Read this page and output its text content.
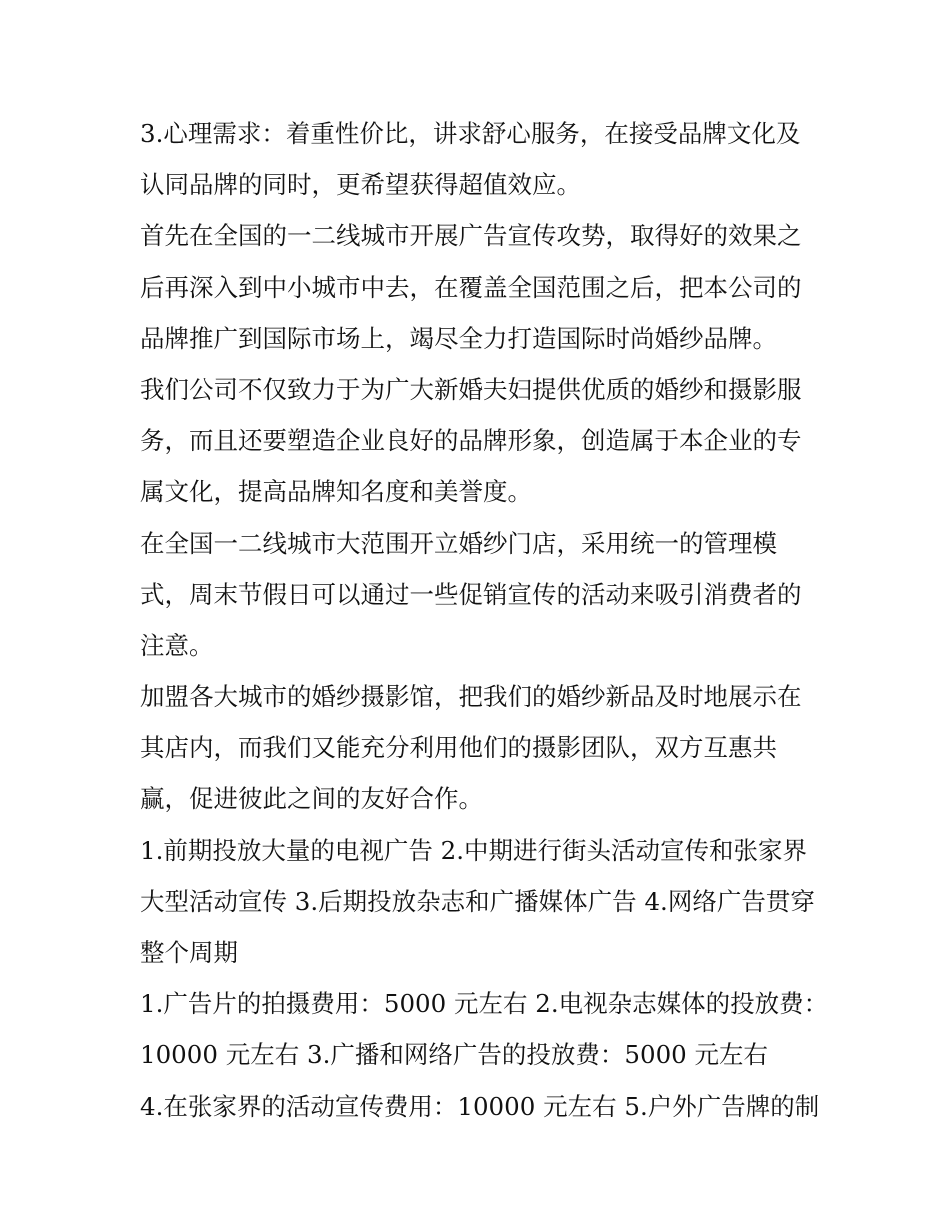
3.心理需求：着重性价比，讲求舒心服务，在接受品牌文化及
认同品牌的同时，更希望获得超值效应。
首先在全国的一二线城市开展广告宣传攻势，取得好的效果之
后再深入到中小城市中去，在覆盖全国范围之后，把本公司的
品牌推广到国际市场上，竭尽全力打造国际时尚婚纱品牌。
我们公司不仅致力于为广大新婚夫妇提供优质的婚纱和摄影服
务，而且还要塑造企业良好的品牌形象，创造属于本企业的专
属文化，提高品牌知名度和美誉度。
在全国一二线城市大范围开立婚纱门店，采用统一的管理模
式，周末节假日可以通过一些促销宣传的活动来吸引消费者的
注意。
加盟各大城市的婚纱摄影馆，把我们的婚纱新品及时地展示在
其店内，而我们又能充分利用他们的摄影团队，双方互惠共
赢，促进彼此之间的友好合作。
1.前期投放大量的电视广告 2.中期进行街头活动宣传和张家界
大型活动宣传 3.后期投放杂志和广播媒体广告 4.网络广告贯穿
整个周期
1.广告片的拍摄费用：5000 元左右 2.电视杂志媒体的投放费：
10000 元左右 3.广播和网络广告的投放费：5000 元左右
4.在张家界的活动宣传费用：10000 元左右 5.户外广告牌的制
